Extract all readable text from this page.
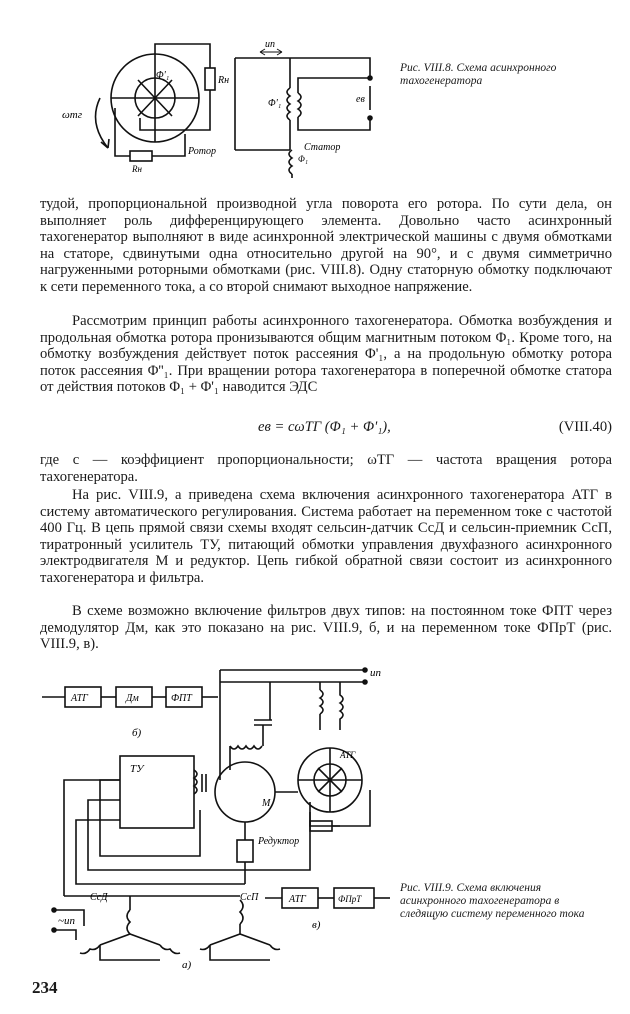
Φ'₁	Rн
ωтг
Rн
Ротор
uп
Φ'₁	eв
Статор
Φ₁
Рис. VIII.8. Схема асинхронного тахогенератора

тудой, пропорциональной производной угла поворота его ротора. По сути дела, он выполняет роль дифференцирующего элемента. Довольно часто асинхронный тахогенератор выполняют в виде асинхронной электрической машины с двумя обмотками на статоре, сдвинутыми одна относительно другой на 90°, и с двумя симметрично нагруженными роторными обмотками (рис. VIII.8). Одну статорную обмотку подключают к сети переменного тока, а со второй снимают выходное напряжение.

Рассмотрим принцип работы асинхронного тахогенератора. Обмотка возбуждения и продольная обмотка ротора пронизываются общим магнитным потоком Φ₁. Кроме того, на обмотку возбуждения действует поток рассеяния Φ'₁, а на продольную обмотку ротора поток рассеяния Φ''₁. При вращении ротора тахогенератора в поперечной обмотке статора от действия потоков Φ₁ + Φ'₁ наводится ЭДС

eв = cωТГ (Φ₁ + Φ'₁),	(VIII.40)

где c — коэффициент пропорциональности; ωТГ — частота вращения ротора тахогенератора.

На рис. VIII.9, а приведена схема включения асинхронного тахогенератора АТГ в систему автоматического регулирования. Система работает на переменном токе с частотой 400 Гц. В цепь прямой связи схемы входят сельсин-датчик СсД и сельсин-приемник СсП, тиратронный усилитель ТУ, питающий обмотки управления двухфазного асинхронного электродвигателя M и редуктор. Цепь гибкой обратной связи состоит из асинхронного тахогенератора и фильтра.

В схеме возможно включение фильтров двух типов: на постоянном токе ФПТ через демодулятор Дм, как это показано на рис. VIII.9, б, и на переменном токе ФПрТ (рис. VIII.9, в).

uп
АТГ	Дм	ФПТ
б)
ТУ
АТГ
M
Редуктор
СсД	СсП
~uп
АТГ	ФПрТ
в)
а)
Рис. VIII.9. Схема включения асинхронного тахогенератора в следящую систему переменного тока
234
